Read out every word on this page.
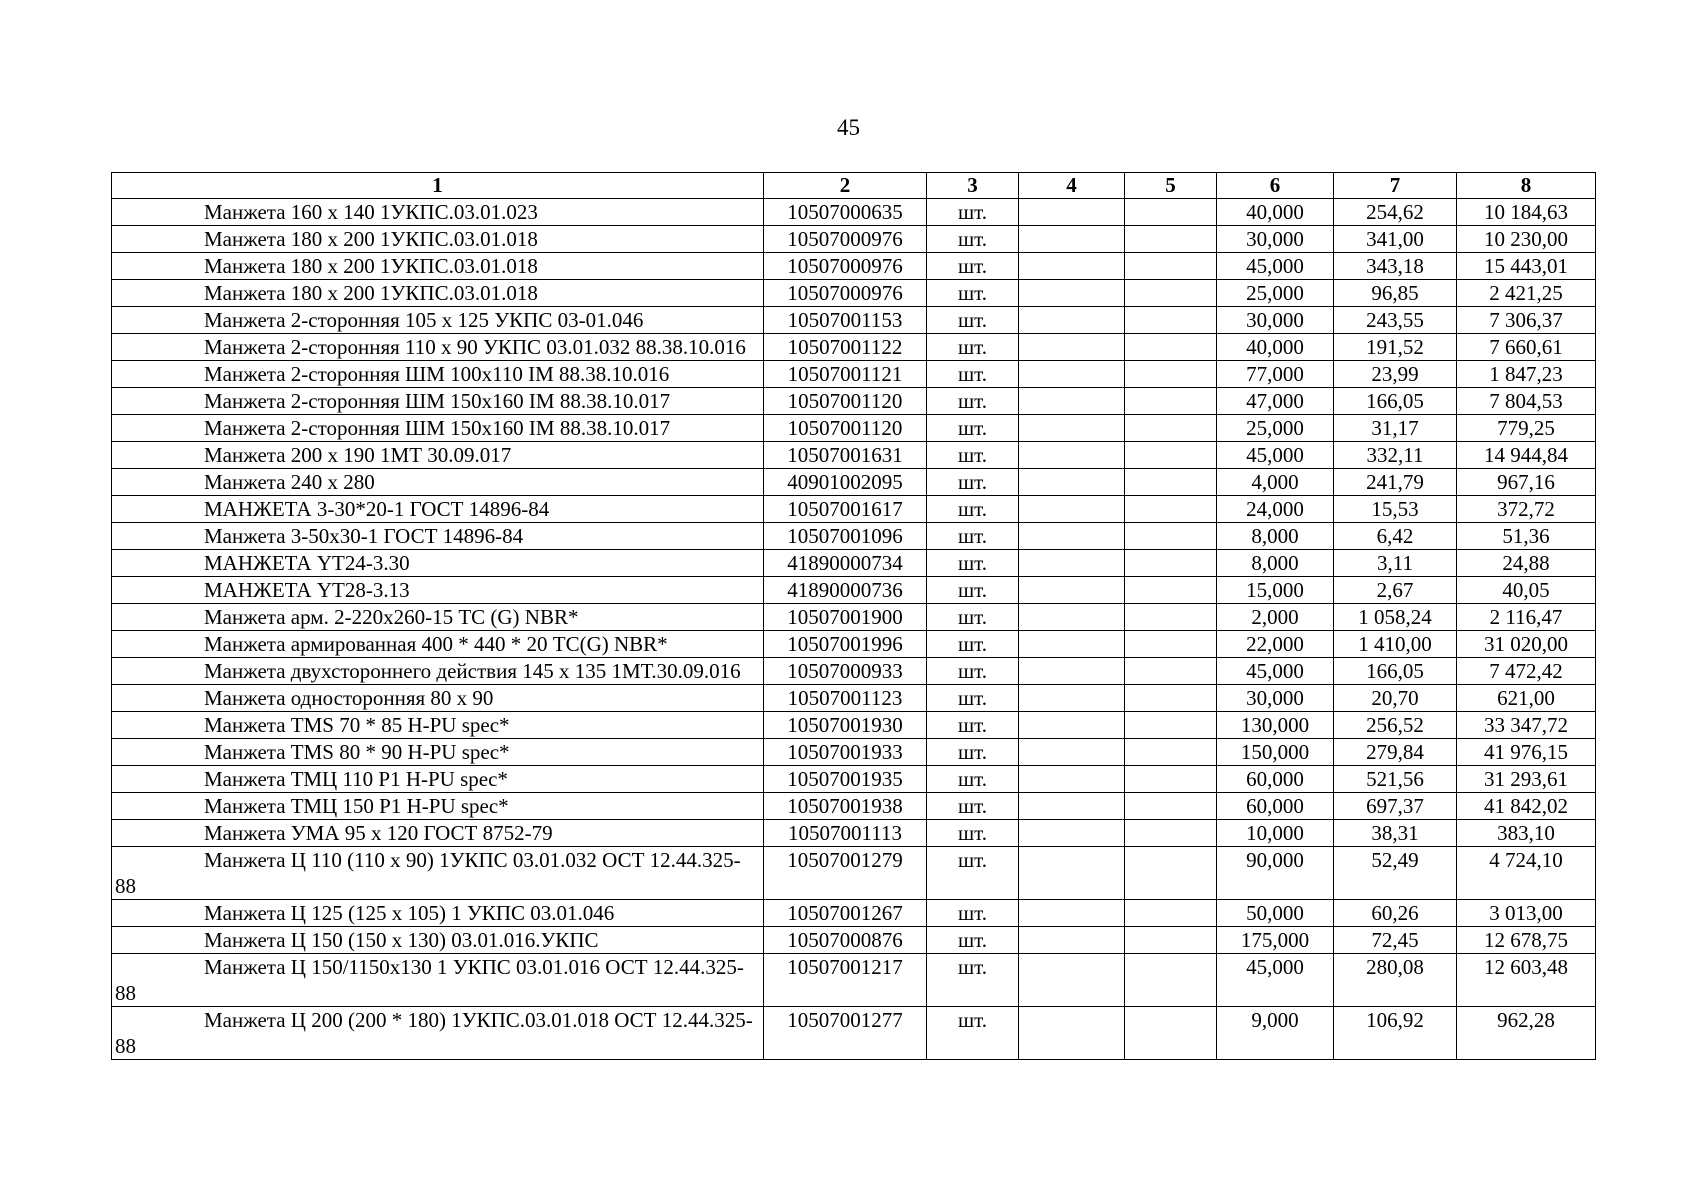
45
1	2	3	4	5	6	7	8
Манжета 160 х 140 1УКПС.03.01.023	10507000635	шт.			40,000	254,62	10 184,63
Манжета 180 х 200 1УКПС.03.01.018	10507000976	шт.			30,000	341,00	10 230,00
Манжета 180 х 200 1УКПС.03.01.018	10507000976	шт.			45,000	343,18	15 443,01
Манжета 180 х 200 1УКПС.03.01.018	10507000976	шт.			25,000	96,85	2 421,25
Манжета 2-сторонняя 105 х 125 УКПС 03-01.046	10507001153	шт.			30,000	243,55	7 306,37
Манжета 2-сторонняя 110 х 90 УКПС 03.01.032 88.38.10.016	10507001122	шт.			40,000	191,52	7 660,61
Манжета 2-сторонняя ШМ 100х110 IM 88.38.10.016	10507001121	шт.			77,000	23,99	1 847,23
Манжета 2-сторонняя ШМ 150х160 IM 88.38.10.017	10507001120	шт.			47,000	166,05	7 804,53
Манжета 2-сторонняя ШМ 150х160 IM 88.38.10.017	10507001120	шт.			25,000	31,17	779,25
Манжета 200 х 190 1МТ 30.09.017	10507001631	шт.			45,000	332,11	14 944,84
Манжета 240 х 280	40901002095	шт.			4,000	241,79	967,16
МАНЖЕТА 3-30*20-1 ГОСТ 14896-84	10507001617	шт.			24,000	15,53	372,72
Манжета 3-50х30-1 ГОСТ 14896-84	10507001096	шт.			8,000	6,42	51,36
МАНЖЕТА YT24-3.30	41890000734	шт.			8,000	3,11	24,88
МАНЖЕТА YT28-3.13	41890000736	шт.			15,000	2,67	40,05
Манжета арм. 2-220х260-15 TC (G) NBR*	10507001900	шт.			2,000	1 058,24	2 116,47
Манжета армированная 400 * 440 * 20 TC(G) NBR*	10507001996	шт.			22,000	1 410,00	31 020,00
Манжета двухстороннего действия 145 х 135 1МТ.30.09.016	10507000933	шт.			45,000	166,05	7 472,42
Манжета односторонняя 80 х 90	10507001123	шт.			30,000	20,70	621,00
Манжета TMS 70 * 85 H-PU spec*	10507001930	шт.			130,000	256,52	33 347,72
Манжета TMS 80 * 90 H-PU spec*	10507001933	шт.			150,000	279,84	41 976,15
Манжета ТМЦ 110 P1 H-PU spec*	10507001935	шт.			60,000	521,56	31 293,61
Манжета ТМЦ 150 P1 H-PU spec*	10507001938	шт.			60,000	697,37	41 842,02
Манжета УМА 95 х 120 ГОСТ 8752-79	10507001113	шт.			10,000	38,31	383,10
Манжета Ц 110 (110 х 90) 1УКПС 03.01.032 ОСТ 12.44.325-88	10507001279	шт.			90,000	52,49	4 724,10
Манжета Ц 125 (125 х 105) 1 УКПС 03.01.046	10507001267	шт.			50,000	60,26	3 013,00
Манжета Ц 150 (150 х 130) 03.01.016.УКПС	10507000876	шт.			175,000	72,45	12 678,75
Манжета Ц 150/1150х130 1 УКПС 03.01.016 ОСТ 12.44.325-88	10507001217	шт.			45,000	280,08	12 603,48
Манжета Ц 200 (200 * 180) 1УКПС.03.01.018 ОСТ 12.44.325-88	10507001277	шт.			9,000	106,92	962,28
